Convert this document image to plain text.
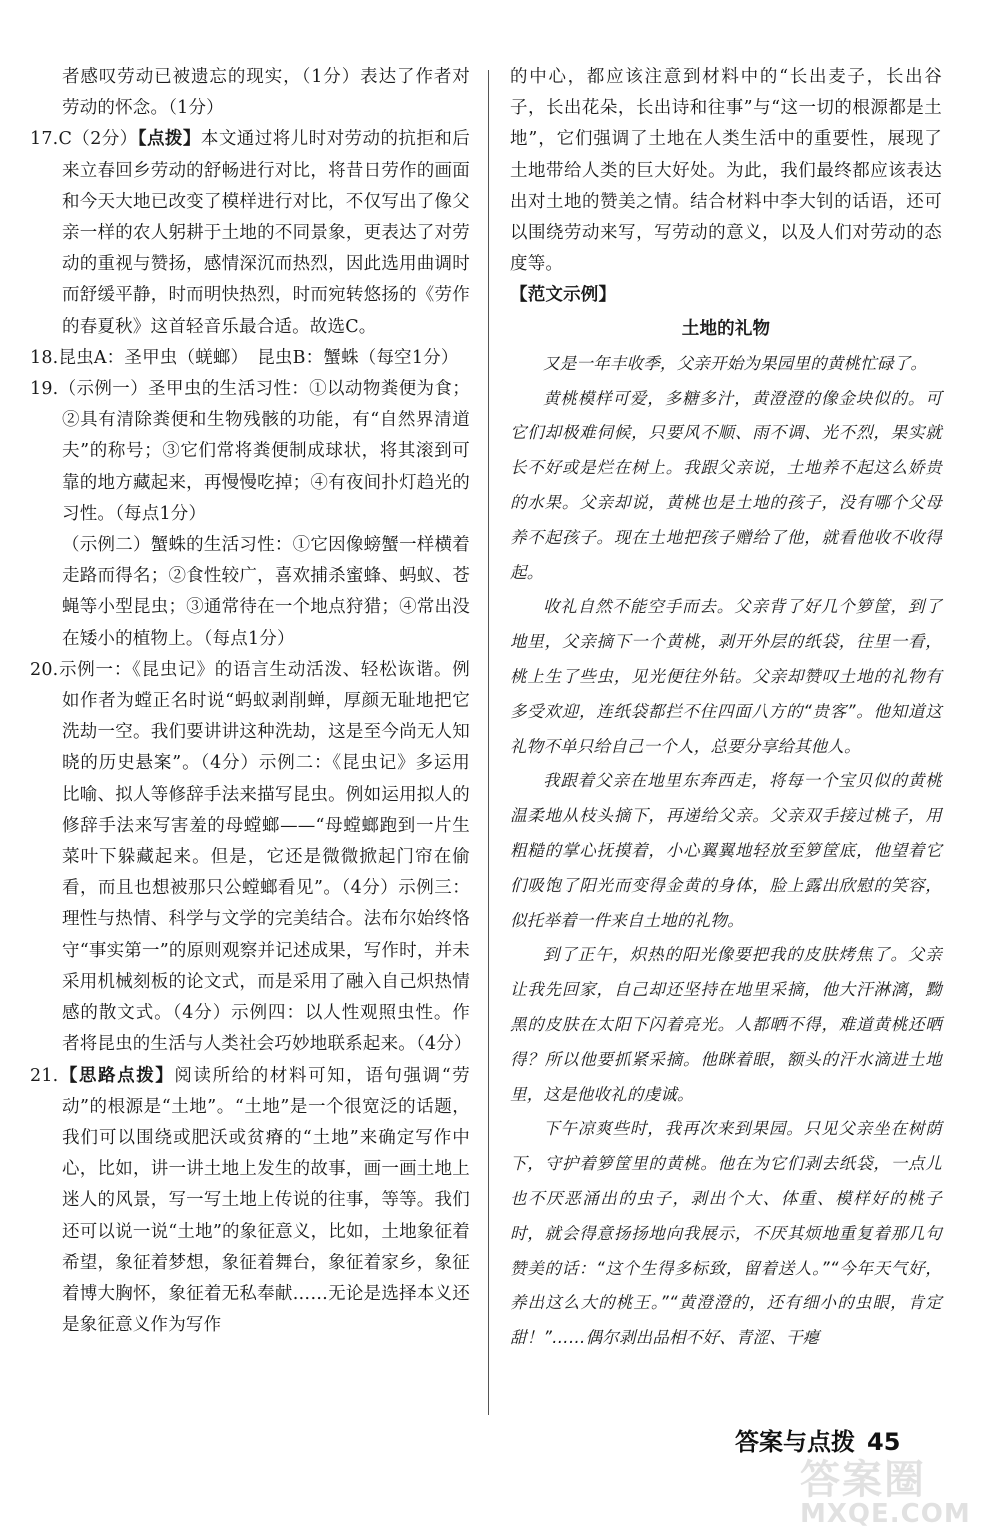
者感叹劳动已被遗忘的现实，（1分）表达了作者对劳动的怀念。（1分）

17.C（2分）【点拨】本文通过将儿时对劳动的抗拒和后来立春回乡劳动的舒畅进行对比，将昔日劳作的画面和今天大地已改变了模样进行对比，不仅写出了像父亲一样的农人躬耕于土地的不同景象，更表达了对劳动的重视与赞扬，感情深沉而热烈，因此选用曲调时而舒缓平静，时而明快热烈，时而宛转悠扬的《劳作的春夏秋》这首轻音乐最合适。故选C。

18.昆虫A：圣甲虫（蜣螂）　昆虫B：蟹蛛（每空1分）

19.（示例一）圣甲虫的生活习性：①以动物粪便为食；②具有清除粪便和生物残骸的功能，有“自然界清道夫”的称号；③它们常将粪便制成球状，将其滚到可靠的地方藏起来，再慢慢吃掉；④有夜间扑灯趋光的习性。（每点1分）

（示例二）蟹蛛的生活习性：①它因像螃蟹一样横着走路而得名；②食性较广，喜欢捕杀蜜蜂、蚂蚁、苍蝇等小型昆虫；③通常待在一个地点狩猎；④常出没在矮小的植物上。（每点1分）

20.示例一：《昆虫记》的语言生动活泼、轻松诙谐。例如作者为螳正名时说“蚂蚁剥削蝉，厚颜无耻地把它洗劫一空。我们要讲讲这种洗劫，这是至今尚无人知晓的历史悬案”。（4分）示例二：《昆虫记》多运用比喻、拟人等修辞手法来描写昆虫。例如运用拟人的修辞手法来写害羞的母螳螂——“母螳螂跑到一片生菜叶下躲藏起来。但是，它还是微微掀起门帘在偷看，而且也想被那只公螳螂看见”。（4分）示例三：理性与热情、科学与文学的完美结合。法布尔始终恪守“事实第一”的原则观察并记述成果，写作时，并未采用机械刻板的论文式，而是采用了融入自己炽热情感的散文式。（4分）示例四：以人性观照虫性。作者将昆虫的生活与人类社会巧妙地联系起来。（4分）

21.【思路点拨】阅读所给的材料可知，语句强调“劳动”的根源是“土地”。“土地”是一个很宽泛的话题，我们可以围绕或肥沃或贫瘠的“土地”来确定写作中心，比如，讲一讲土地上发生的故事，画一画土地上迷人的风景，写一写土地上传说的往事，等等。我们还可以说一说“土地”的象征意义，比如，土地象征着希望，象征着梦想，象征着舞台，象征着家乡，象征着博大胸怀，象征着无私奉献……无论是选择本义还是象征意义作为写作

的中心，都应该注意到材料中的“长出麦子，长出谷子，长出花朵，长出诗和往事”与“这一切的根源都是土地”，它们强调了土地在人类生活中的重要性，展现了土地带给人类的巨大好处。为此，我们最终都应该表达出对土地的赞美之情。结合材料中李大钊的话语，还可以围绕劳动来写，写劳动的意义，以及人们对劳动的态度等。

【范文示例】

土地的礼物

又是一年丰收季，父亲开始为果园里的黄桃忙碌了。

黄桃模样可爱，多糖多汁，黄澄澄的像金块似的。可它们却极难伺候，只要风不顺、雨不调、光不烈，果实就长不好或是烂在树上。我跟父亲说，土地养不起这么娇贵的水果。父亲却说，黄桃也是土地的孩子，没有哪个父母养不起孩子。现在土地把孩子赠给了他，就看他收不收得起。

收礼自然不能空手而去。父亲背了好几个箩筐，到了地里，父亲摘下一个黄桃，剥开外层的纸袋，往里一看，桃上生了些虫，见光便往外钻。父亲却赞叹土地的礼物有多受欢迎，连纸袋都拦不住四面八方的“贵客”。他知道这礼物不单只给自己一个人，总要分享给其他人。

我跟着父亲在地里东奔西走，将每一个宝贝似的黄桃温柔地从枝头摘下，再递给父亲。父亲双手接过桃子，用粗糙的掌心抚摸着，小心翼翼地轻放至箩筐底，他望着它们吸饱了阳光而变得金黄的身体，脸上露出欣慰的笑容，似托举着一件来自土地的礼物。

到了正午，炽热的阳光像要把我的皮肤烤焦了。父亲让我先回家，自己却还坚持在地里采摘，他大汗淋漓，黝黑的皮肤在太阳下闪着亮光。人都晒不得，难道黄桃还晒得？所以他要抓紧采摘。他眯着眼，额头的汗水滴进土地里，这是他收礼的虔诚。

下午凉爽些时，我再次来到果园。只见父亲坐在树荫下，守护着箩筐里的黄桃。他在为它们剥去纸袋，一点儿也不厌恶涌出的虫子，剥出个大、体重、模样好的桃子时，就会得意扬扬地向我展示，不厌其烦地重复着那几句赞美的话：“这个生得多标致，留着送人。”“今年天气好，养出这么大的桃王。”“黄澄澄的，还有细小的虫眼，肯定甜！”……偶尔剥出品相不好、青涩、干瘪

答案与点拨 45
答案圈
MXQE.COM
